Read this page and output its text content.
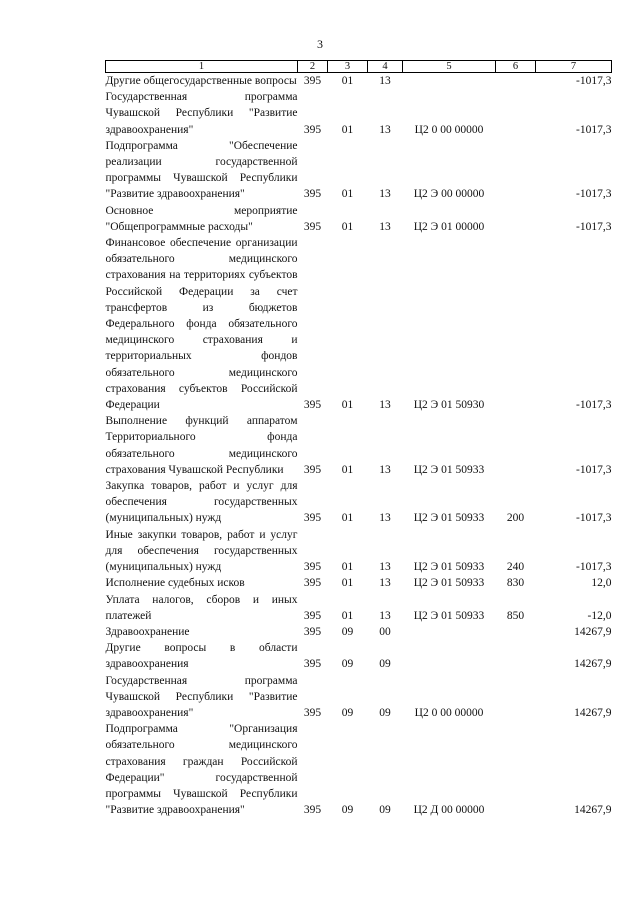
3
1	2	3	4	5	6	7
Другие общегосударственные вопросы	395	01	13			-1017,3
Государственная программа Чувашской Республики "Развитие здравоохранения"	395	01	13	Ц2 0 00 00000		-1017,3
Подпрограмма "Обеспечение реализации государственной программы Чувашской Республики "Развитие здравоохранения"	395	01	13	Ц2 Э 00 00000		-1017,3
Основное мероприятие "Общепрограммные расходы"	395	01	13	Ц2 Э 01 00000		-1017,3
Финансовое обеспечение организации обязательного медицинского страхования на территориях субъектов Российской Федерации за счет трансфертов из бюджетов Федерального фонда обязательного медицинского страхования и территориальных фондов обязательного медицинского страхования субъектов Российской Федерации	395	01	13	Ц2 Э 01 50930		-1017,3
Выполнение функций аппаратом Территориального фонда обязательного медицинского страхования Чувашской Республики	395	01	13	Ц2 Э 01 50933		-1017,3
Закупка товаров, работ и услуг для обеспечения государственных (муниципальных) нужд	395	01	13	Ц2 Э 01 50933	200	-1017,3
Иные закупки товаров, работ и услуг для обеспечения государственных (муниципальных) нужд	395	01	13	Ц2 Э 01 50933	240	-1017,3
Исполнение судебных исков	395	01	13	Ц2 Э 01 50933	830	12,0
Уплата налогов, сборов и иных платежей	395	01	13	Ц2 Э 01 50933	850	-12,0
Здравоохранение	395	09	00			14267,9
Другие вопросы в области здравоохранения	395	09	09			14267,9
Государственная программа Чувашской Республики "Развитие здравоохранения"	395	09	09	Ц2 0 00 00000		14267,9
Подпрограмма "Организация обязательного медицинского страхования граждан Российской Федерации" государственной программы Чувашской Республики "Развитие здравоохранения"	395	09	09	Ц2 Д 00 00000		14267,9
